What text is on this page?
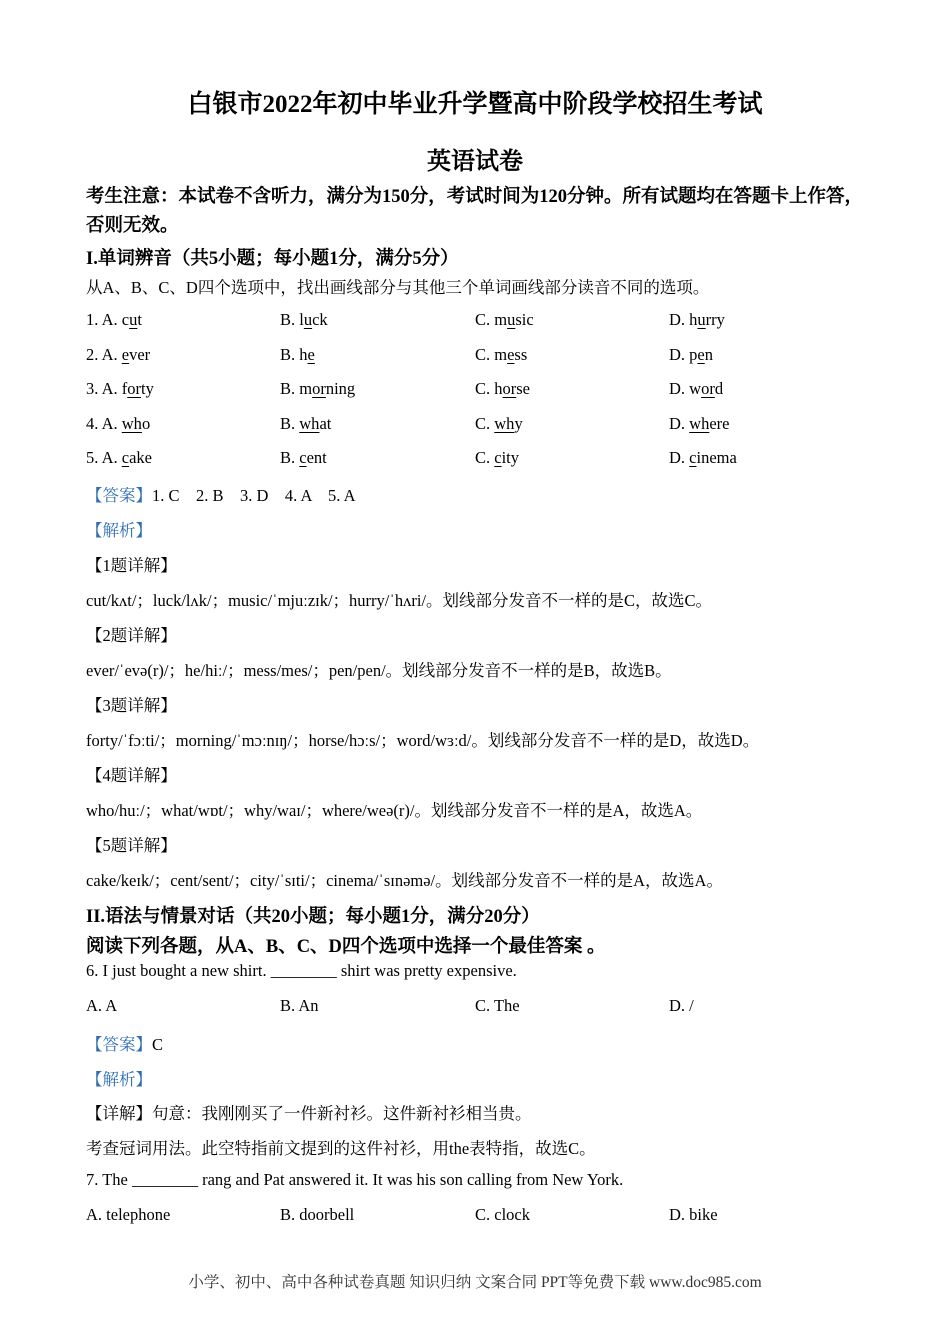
白银市2022年初中毕业升学暨高中阶段学校招生考试
英语试卷
考生注意：本试卷不含听力，满分为150分，考试时间为120分钟。所有试题均在答题卡上作答，否则无效。
I.单词辨音（共5小题；每小题1分，满分5分）
从A、B、C、D四个选项中，找出画线部分与其他三个单词画线部分读音不同的选项。
1. A. cut	B. luck	C. music	D. hurry
2. A. ever	B. he	C. mess	D. pen
3. A. forty	B. morning	C. horse	D. word
4. A. who	B. what	C. why	D. where
5. A. cake	B. cent	C. city	D. cinema
【答案】1. C    2. B    3. D    4. A    5. A
【解析】
【1题详解】
cut/kʌt/；luck/lʌk/；music/ˈmjuːzɪk/；hurry/ˈhʌri/。划线部分发音不一样的是C，故选C。
【2题详解】
ever/ˈevə(r)/；he/hiː/；mess/mes/；pen/pen/。划线部分发音不一样的是B，故选B。
【3题详解】
forty/ˈfɔːti/；morning/ˈmɔːnɪŋ/；horse/hɔːs/；word/wɜːd/。划线部分发音不一样的是D，故选D。
【4题详解】
who/huː/；what/wɒt/；why/waɪ/；where/weə(r)/。划线部分发音不一样的是A，故选A。
【5题详解】
cake/keɪk/；cent/sent/；city/ˈsɪti/；cinema/ˈsɪnəmə/。划线部分发音不一样的是A，故选A。
II.语法与情景对话（共20小题；每小题1分，满分20分）
阅读下列各题，从A、B、C、D四个选项中选择一个最佳答案 。
6. I just bought a new shirt. ________ shirt was pretty expensive.
A. A	B. An	C. The	D. /
【答案】C
【解析】
【详解】句意：我刚刚买了一件新衬衫。这件新衬衫相当贵。
考查冠词用法。此空特指前文提到的这件衬衫，用the表特指，故选C。
7. The ________ rang and Pat answered it. It was his son calling from New York.
A. telephone	B. doorbell	C. clock	D. bike
小学、初中、高中各种试卷真题 知识归纳 文案合同 PPT等免费下载 www.doc985.com
